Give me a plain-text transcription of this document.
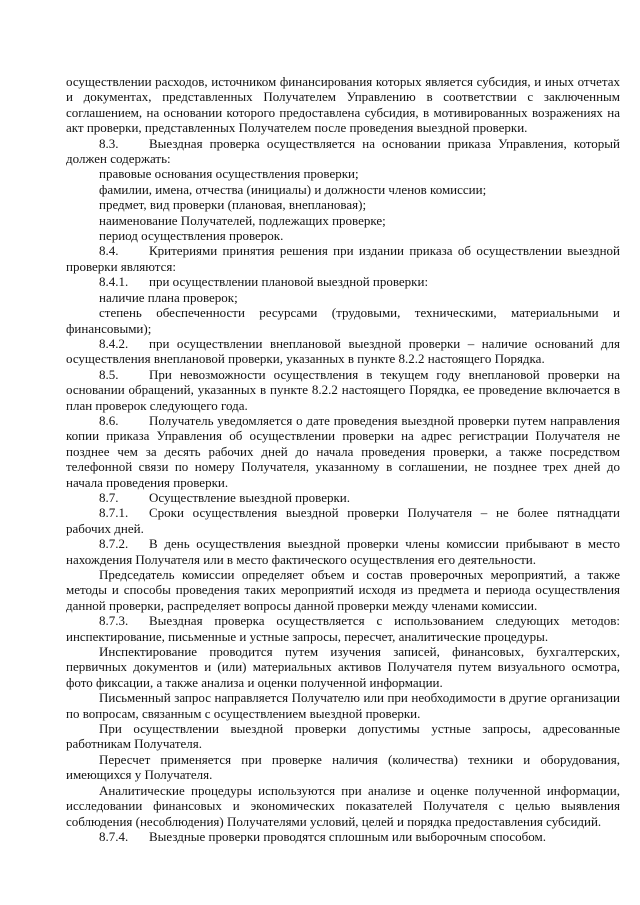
осуществлении расходов, источником финансирования которых является субсидия, и иных отчетах и документах, представленных Получателем Управлению в соответствии с заключенным соглашением, на основании которого предоставлена субсидия, в мотивированных возражениях на акт проверки, представленных Получателем после проведения выездной проверки.

8.3. Выездная проверка осуществляется на основании приказа Управления, который должен содержать:

правовые основания осуществления проверки;

фамилии, имена, отчества (инициалы) и должности членов комиссии;

предмет, вид проверки (плановая, внеплановая);

наименование Получателей, подлежащих проверке;

период осуществления проверок.

8.4. Критериями принятия решения при издании приказа об осуществлении выездной проверки являются:

8.4.1. при осуществлении плановой выездной проверки:

наличие плана проверок;

степень обеспеченности ресурсами (трудовыми, техническими, материальными и финансовыми);

8.4.2. при осуществлении внеплановой выездной проверки – наличие оснований для осуществления внеплановой проверки, указанных в пункте 8.2.2 настоящего Порядка.

8.5. При невозможности осуществления в текущем году внеплановой проверки на основании обращений, указанных в пункте 8.2.2 настоящего Порядка, ее проведение включается в план проверок следующего года.

8.6. Получатель уведомляется о дате проведения выездной проверки путем направления копии приказа Управления об осуществлении проверки на адрес регистрации Получателя не позднее чем за десять рабочих дней до начала проведения проверки, а также посредством телефонной связи по номеру Получателя, указанному в соглашении, не позднее трех дней до начала проведения проверки.

8.7. Осуществление выездной проверки.

8.7.1. Сроки осуществления выездной проверки Получателя – не более пятнадцати рабочих дней.

8.7.2. В день осуществления выездной проверки члены комиссии прибывают в место нахождения Получателя или в место фактического осуществления его деятельности.

Председатель комиссии определяет объем и состав проверочных мероприятий, а также методы и способы проведения таких мероприятий исходя из предмета и периода осуществления данной проверки, распределяет вопросы данной проверки между членами комиссии.

8.7.3. Выездная проверка осуществляется с использованием следующих методов: инспектирование, письменные и устные запросы, пересчет, аналитические процедуры.

Инспектирование проводится путем изучения записей, финансовых, бухгалтерских, первичных документов и (или) материальных активов Получателя путем визуального осмотра, фото фиксации, а также анализа и оценки полученной информации.

Письменный запрос направляется Получателю или при необходимости в другие организации по вопросам, связанным с осуществлением выездной проверки.

При осуществлении выездной проверки допустимы устные запросы, адресованные работникам Получателя.

Пересчет применяется при проверке наличия (количества) техники и оборудования, имеющихся у Получателя.

Аналитические процедуры используются при анализе и оценке полученной информации, исследовании финансовых и экономических показателей Получателя с целью выявления соблюдения (несоблюдения) Получателями условий, целей и порядка предоставления субсидий.

8.7.4. Выездные проверки проводятся сплошным или выборочным способом.
